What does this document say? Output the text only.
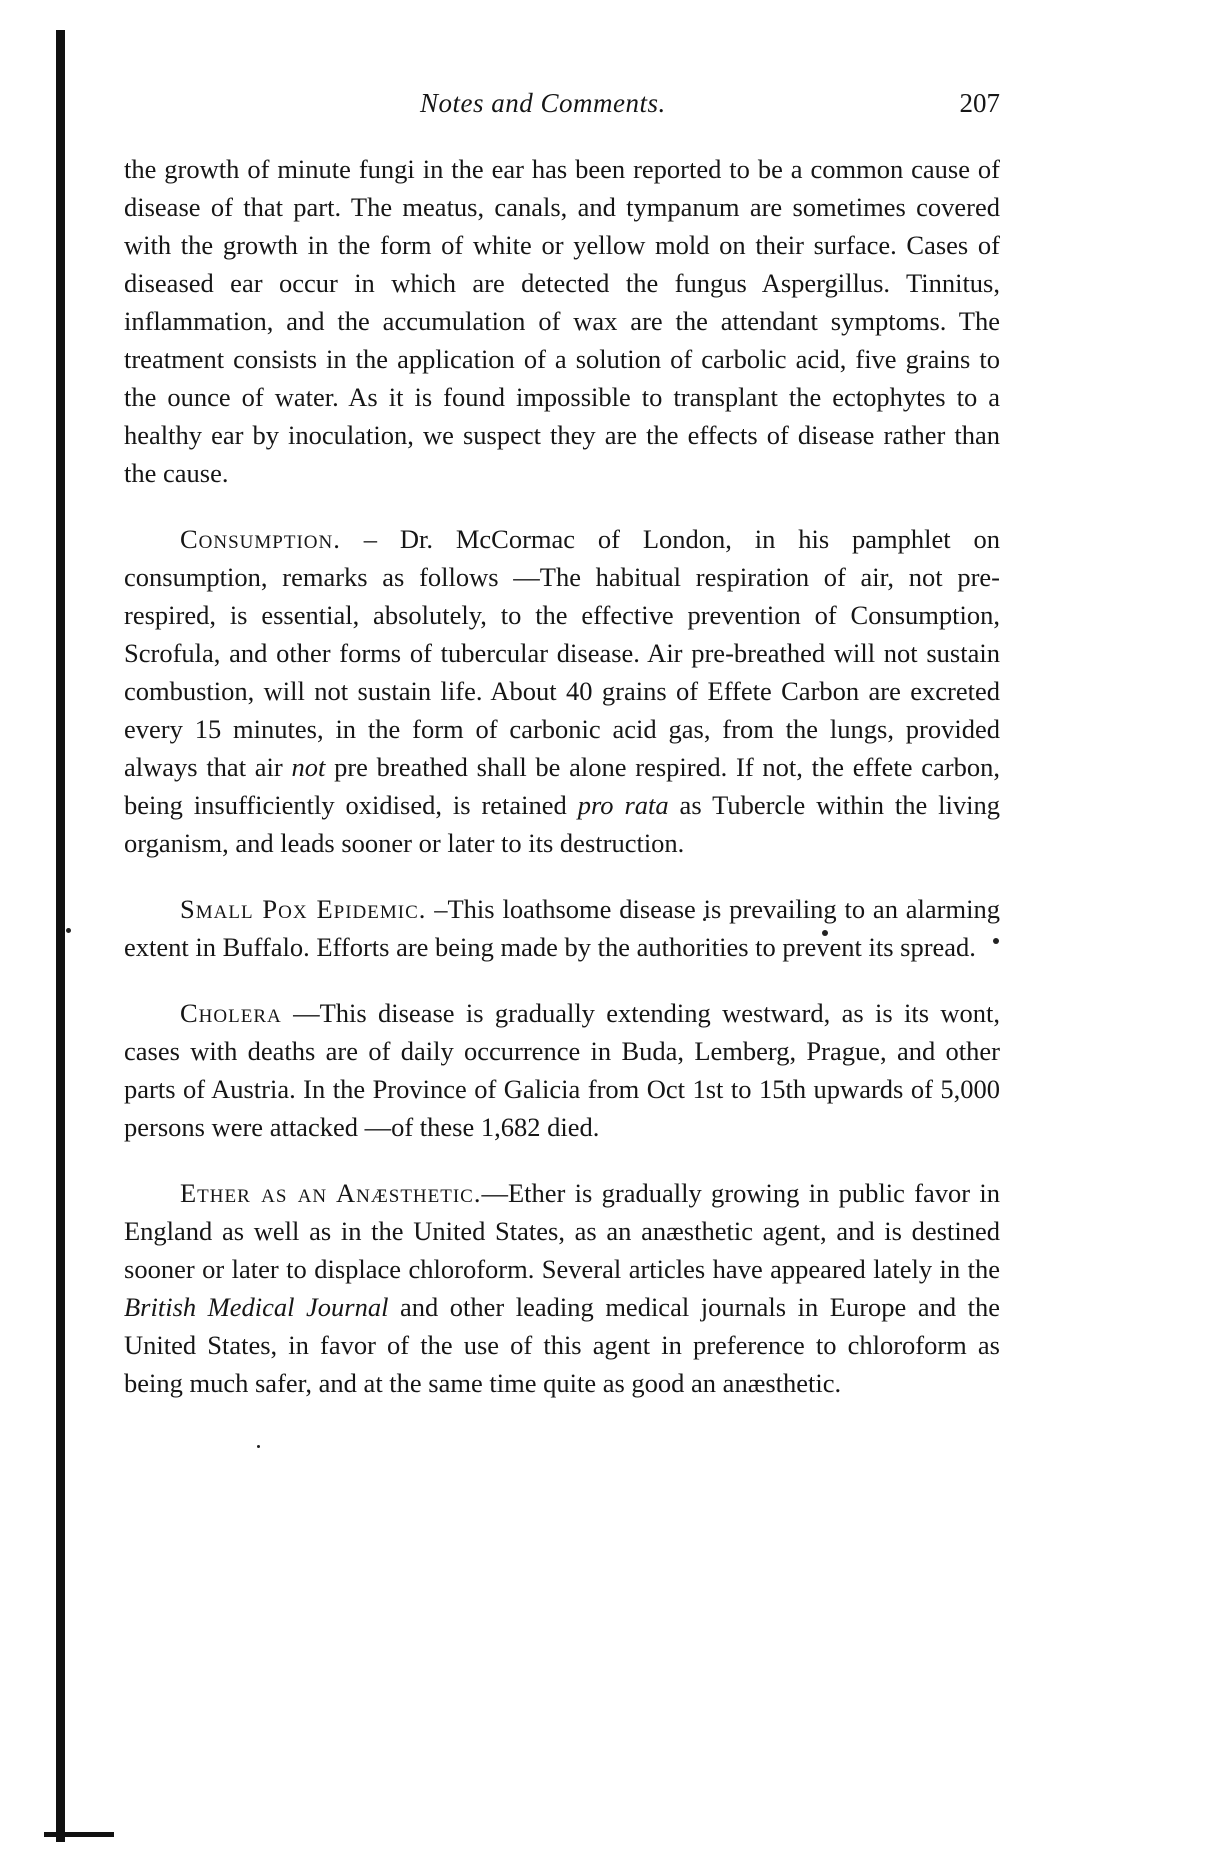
Notes and Comments.	207

the growth of minute fungi in the ear has been reported to be a common cause of disease of that part. The meatus, canals, and tympanum are sometimes covered with the growth in the form of white or yellow mold on their surface. Cases of diseased ear occur in which are detected the fungus Aspergillus. Tinnitus, inflammation, and the accumulation of wax are the attendant symptoms. The treatment consists in the application of a solution of carbolic acid, five grains to the ounce of water. As it is found impossible to transplant the ectophytes to a healthy ear by inoculation, we suspect they are the effects of disease rather than the cause.

Consumption. – Dr. McCormac of London, in his pamphlet on consumption, remarks as follows —The habitual respiration of air, not pre-respired, is essential, absolutely, to the effective prevention of Consumption, Scrofula, and other forms of tubercular disease. Air pre-breathed will not sustain combustion, will not sustain life. About 40 grains of Effete Carbon are excreted every 15 minutes, in the form of carbonic acid gas, from the lungs, provided always that air not pre breathed shall be alone respired. If not, the effete carbon, being insufficiently oxidised, is retained pro rata as Tubercle within the living organism, and leads sooner or later to its destruction.

Small Pox Epidemic. –This loathsome disease is prevailing to an alarming extent in Buffalo. Efforts are being made by the authorities to prevent its spread.

Cholera —This disease is gradually extending westward, as is its wont, cases with deaths are of daily occurrence in Buda, Lemberg, Prague, and other parts of Austria. In the Province of Galicia from Oct 1st to 15th upwards of 5,000 persons were attacked —of these 1,682 died.

Ether as an Anæsthetic.—Ether is gradually growing in public favor in England as well as in the United States, as an anæsthetic agent, and is destined sooner or later to displace chloroform. Several articles have appeared lately in the British Medical Journal and other leading medical journals in Europe and the United States, in favor of the use of this agent in preference to chloroform as being much safer, and at the same time quite as good an anæsthetic.
